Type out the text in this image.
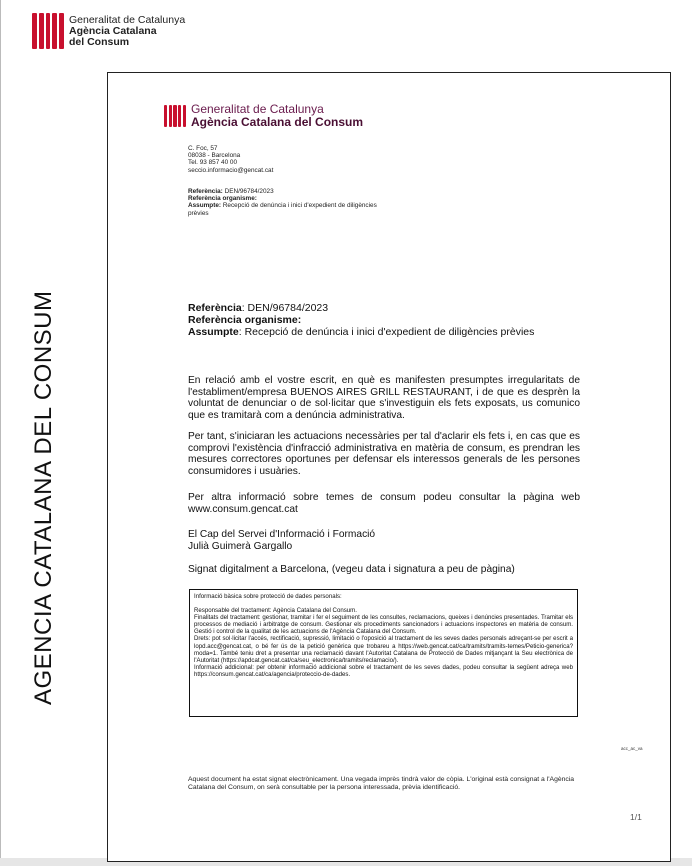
Generalitat de Catalunya
Agència Catalana
del Consum
AGENCIA CATALANA DEL CONSUM
Generalitat de Catalunya
Agència Catalana del Consum
C. Foc, 57
08038 - Barcelona
Tel. 93 857 40 00
seccio.informacio@gencat.cat
Referència: DEN/96784/2023
Referència organisme:
Assumpte: Recepció de denúncia i inici d'expedient de diligències prèvies
Referència: DEN/96784/2023
Referència organisme:
Assumpte: Recepció de denúncia i inici d'expedient de diligències prèvies
En relació amb el vostre escrit, en què es manifesten presumptes irregularitats de l'establiment/empresa BUENOS AIRES GRILL RESTAURANT, i de que es desprèn la voluntat de denunciar o de sol·licitar que s'investiguin els fets exposats, us comunico que es tramitarà com a denúncia administrativa.
Per tant, s'iniciaran les actuacions necessàries per tal d'aclarir els fets i, en cas que es comprovi l'existència d'infracció administrativa en matèria de consum, es prendran les mesures correctores oportunes per defensar els interessos generals de les persones consumidores i usuàries.
Per altra informació sobre temes de consum podeu consultar la pàgina web www.consum.gencat.cat
El Cap del Servei d'Informació i Formació
Julià Guimerà Gargallo
Signat digitalment a Barcelona, (vegeu data i signatura a peu de pàgina)
Informació bàsica sobre protecció de dades personals:
Responsable del tractament: Agència Catalana del Consum.
Finalitats del tractament: gestionar, tramitar i fer el seguiment de les consultes, reclamacions, queixes i denúncies presentades. Tramitar els processos de mediació i arbitratge de consum. Gestionar els procediments sancionadors i actuacions inspectores en matèria de consum. Gestió i control de la qualitat de les actuacions de l'Agència Catalana del Consum.
Drets: pot sol·licitar l'accés, rectificació, supressió, limitació o l'oposició al tractament de les seves dades personals adreçant-se per escrit a lopd.acc@gencat.cat, o bé fer ús de la petició genèrica que trobareu a https://web.gencat.cat/ca/tramits/tramits-temes/Peticio-generica?moda=1. També teniu dret a presentar una reclamació davant l'Autoritat Catalana de Protecció de Dades mitjançant la Seu electrònica de l'Autoritat (https://apdcat.gencat.cat/ca/seu_electronica/tramits/reclamacio/).
Informació addicional: per obtenir informació addicional sobre el tractament de les seves dades, podeu consultar la següent adreça web https://consum.gencat.cat/ca/agencia/proteccio-de-dades.
acc_ac_va
Aquest document ha estat signat electrònicament. Una vegada imprès tindrà valor de còpia. L'original està consignat a l'Agència Catalana del Consum, on serà consultable per la persona interessada, prèvia identificació.
1/1
